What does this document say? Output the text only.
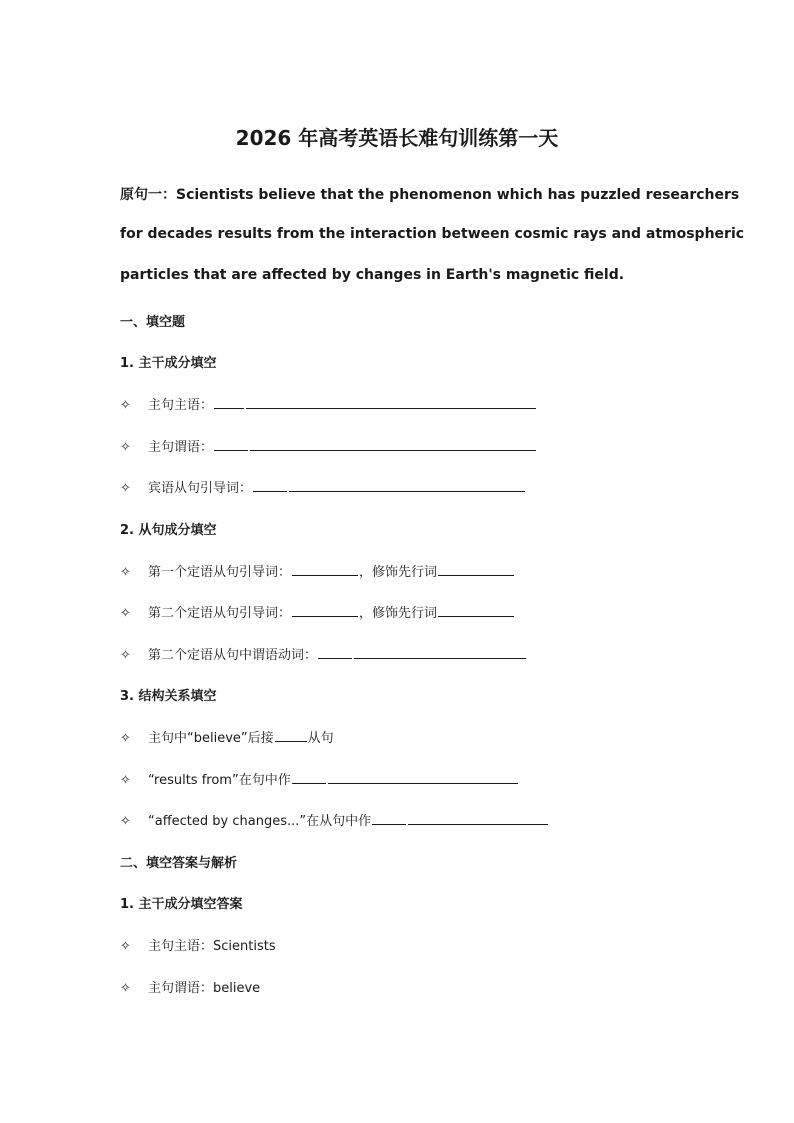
2026 年高考英语长难句训练第一天
原句一：Scientists believe that the phenomenon which has puzzled researchers
for decades results from the interaction between cosmic rays and atmospheric
particles that are affected by changes in Earth's magnetic field.
一、填空题
1. 主干成分填空
✧ 主句主语：
✧ 主句谓语：
✧ 宾语从句引导词：
2. 从句成分填空
✧ 第一个定语从句引导词：	，修饰先行词
✧ 第二个定语从句引导词：	，修饰先行词
✧ 第二个定语从句中谓语动词：
3. 结构关系填空
✧ 主句中“believe”后接	从句
✧ “results from”在句中作
✧ “affected by changes...”在从句中作
二、填空答案与解析
1. 主干成分填空答案
✧ 主句主语：Scientists
✧ 主句谓语：believe
